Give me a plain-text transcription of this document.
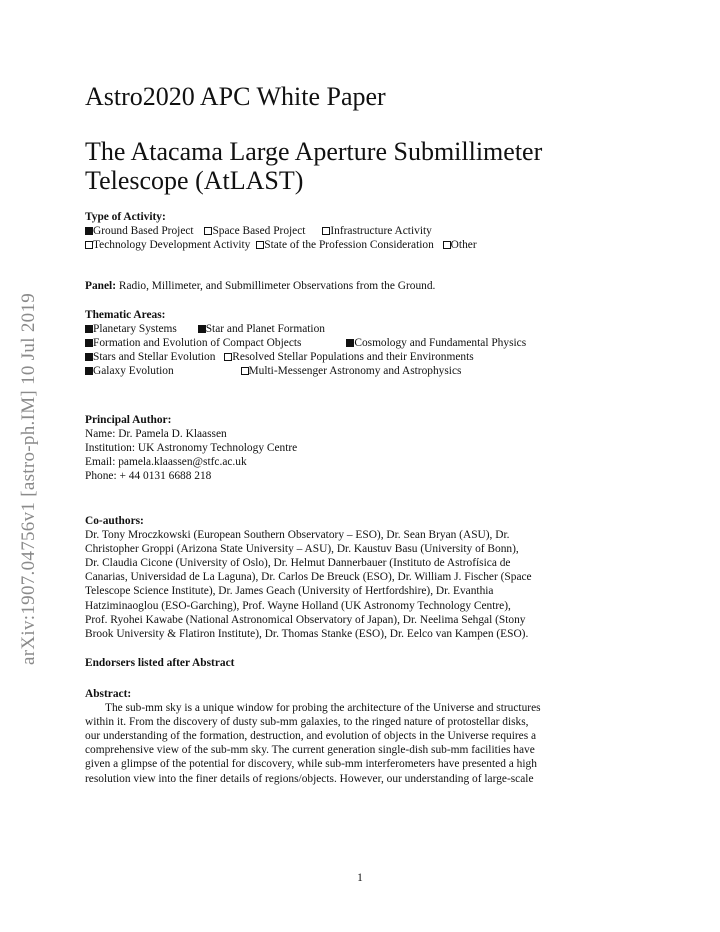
arXiv:1907.04756v1 [astro-ph.IM] 10 Jul 2019
Astro2020 APC White Paper
The Atacama Large Aperture Submillimeter Telescope (AtLAST)
Type of Activity:
Ground Based Project Space Based Project Infrastructure Activity
Technology Development Activity State of the Profession Consideration Other
Panel: Radio, Millimeter, and Submillimeter Observations from the Ground.
Thematic Areas:
Planetary Systems	Star and Planet Formation
Formation and Evolution of Compact Objects	Cosmology and Fundamental Physics
Stars and Stellar Evolution Resolved Stellar Populations and their Environments
Galaxy Evolution	Multi-Messenger Astronomy and Astrophysics
Principal Author:
Name: Dr. Pamela D. Klaassen
Institution: UK Astronomy Technology Centre
Email: pamela.klaassen@stfc.ac.uk
Phone: + 44 0131 6688 218
Co-authors:
Dr. Tony Mroczkowski (European Southern Observatory – ESO), Dr. Sean Bryan (ASU), Dr.
Christopher Groppi (Arizona State University – ASU), Dr. Kaustuv Basu (University of Bonn),
Dr. Claudia Cicone (University of Oslo), Dr. Helmut Dannerbauer (Instituto de Astrofísica de
Canarias, Universidad de La Laguna), Dr. Carlos De Breuck (ESO), Dr. William J. Fischer (Space
Telescope Science Institute), Dr. James Geach (University of Hertfordshire), Dr. Evanthia
Hatziminaoglou (ESO-Garching), Prof. Wayne Holland (UK Astronomy Technology Centre),
Prof. Ryohei Kawabe (National Astronomical Observatory of Japan), Dr. Neelima Sehgal (Stony
Brook University & Flatiron Institute), Dr. Thomas Stanke (ESO), Dr. Eelco van Kampen (ESO).
Endorsers listed after Abstract
Abstract:
The sub-mm sky is a unique window for probing the architecture of the Universe and structures
within it. From the discovery of dusty sub-mm galaxies, to the ringed nature of protostellar disks,
our understanding of the formation, destruction, and evolution of objects in the Universe requires a
comprehensive view of the sub-mm sky. The current generation single-dish sub-mm facilities have
given a glimpse of the potential for discovery, while sub-mm interferometers have presented a high
resolution view into the finer details of regions/objects. However, our understanding of large-scale
1
